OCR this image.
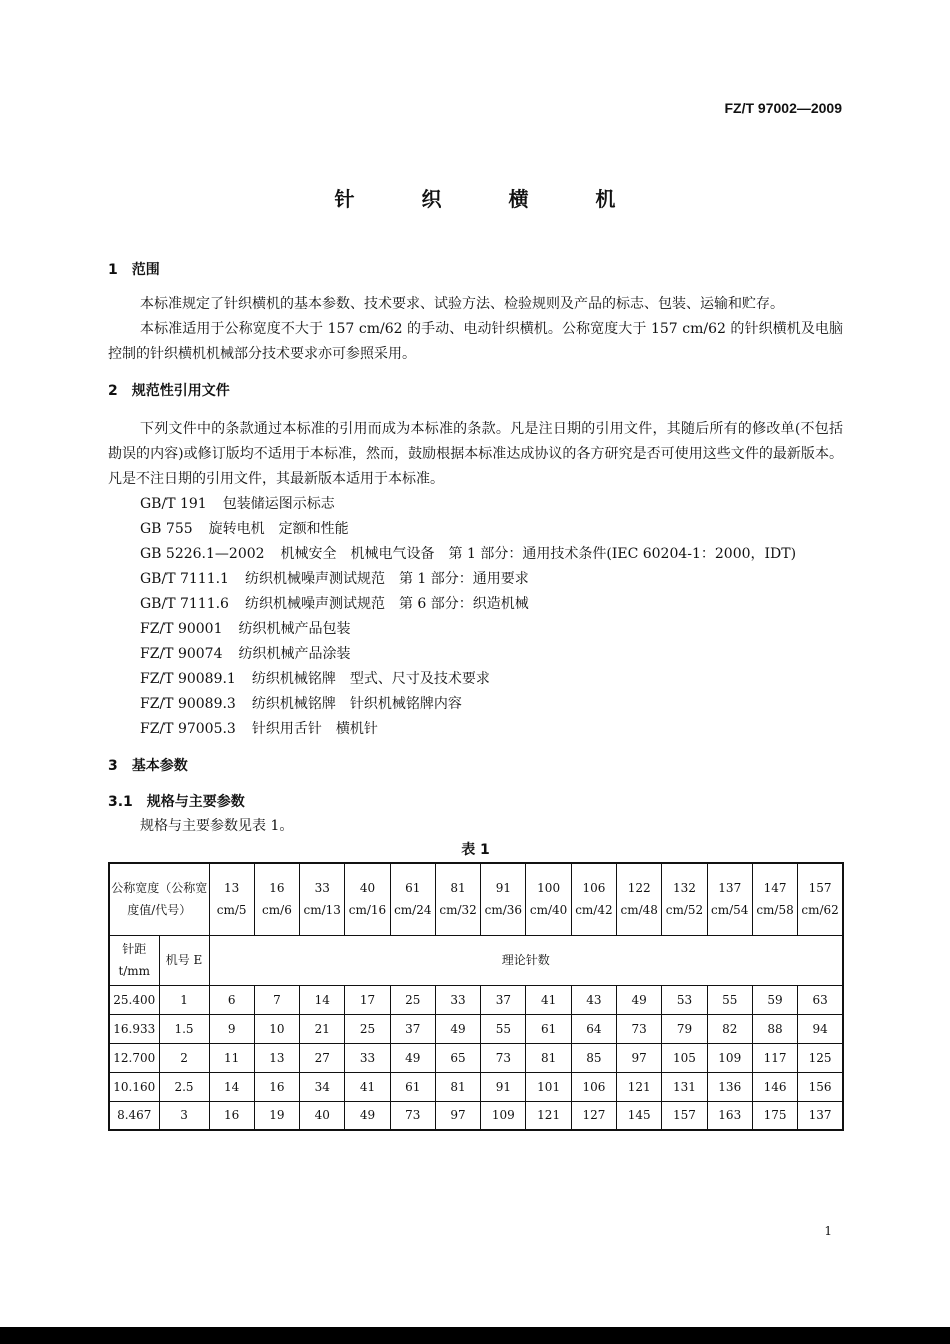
FZ/T 97002—2009
针 织 横 机
1　范围

本标准规定了针织横机的基本参数、技术要求、试验方法、检验规则及产品的标志、包装、运输和贮存。

本标准适用于公称宽度不大于 157 cm/62 的手动、电动针织横机。公称宽度大于 157 cm/62 的针织横机及电脑控制的针织横机机械部分技术要求亦可参照采用。

2　规范性引用文件

下列文件中的条款通过本标准的引用而成为本标准的条款。凡是注日期的引用文件，其随后所有的修改单(不包括勘误的内容)或修订版均不适用于本标准，然而，鼓励根据本标准达成协议的各方研究是否可使用这些文件的最新版本。凡是不注日期的引用文件，其最新版本适用于本标准。

GB/T 191 包装储运图示标志
GB 755 旋转电机　定额和性能
GB 5226.1—2002 机械安全　机械电气设备　第 1 部分：通用技术条件(IEC 60204-1：2000，IDT)
GB/T 7111.1 纺织机械噪声测试规范　第 1 部分：通用要求
GB/T 7111.6 纺织机械噪声测试规范　第 6 部分：织造机械
FZ/T 90001 纺织机械产品包装
FZ/T 90074 纺织机械产品涂装
FZ/T 90089.1 纺织机械铭牌　型式、尺寸及技术要求
FZ/T 90089.3 纺织机械铭牌　针织机械铭牌内容
FZ/T 97005.3 针织用舌针　横机针
3　基本参数
3.1　规格与主要参数

规格与主要参数见表 1。

表 1
公称宽度（公称宽度值/代号）		13 cm/5	16 cm/6	33 cm/13	40 cm/16	61 cm/24	81 cm/32	91 cm/36	100 cm/40	106 cm/42	122 cm/48	132 cm/52	137 cm/54	147 cm/58	157 cm/62
针距 t/mm	机号 E	理论针数													
25.400	1	6	7	14	17	25	33	37	41	43	49	53	55	59	63
16.933	1.5	9	10	21	25	37	49	55	61	64	73	79	82	88	94
12.700	2	11	13	27	33	49	65	73	81	85	97	105	109	117	125
10.160	2.5	14	16	34	41	61	81	91	101	106	121	131	136	146	156
8.467	3	16	19	40	49	73	97	109	121	127	145	157	163	175	137
1
